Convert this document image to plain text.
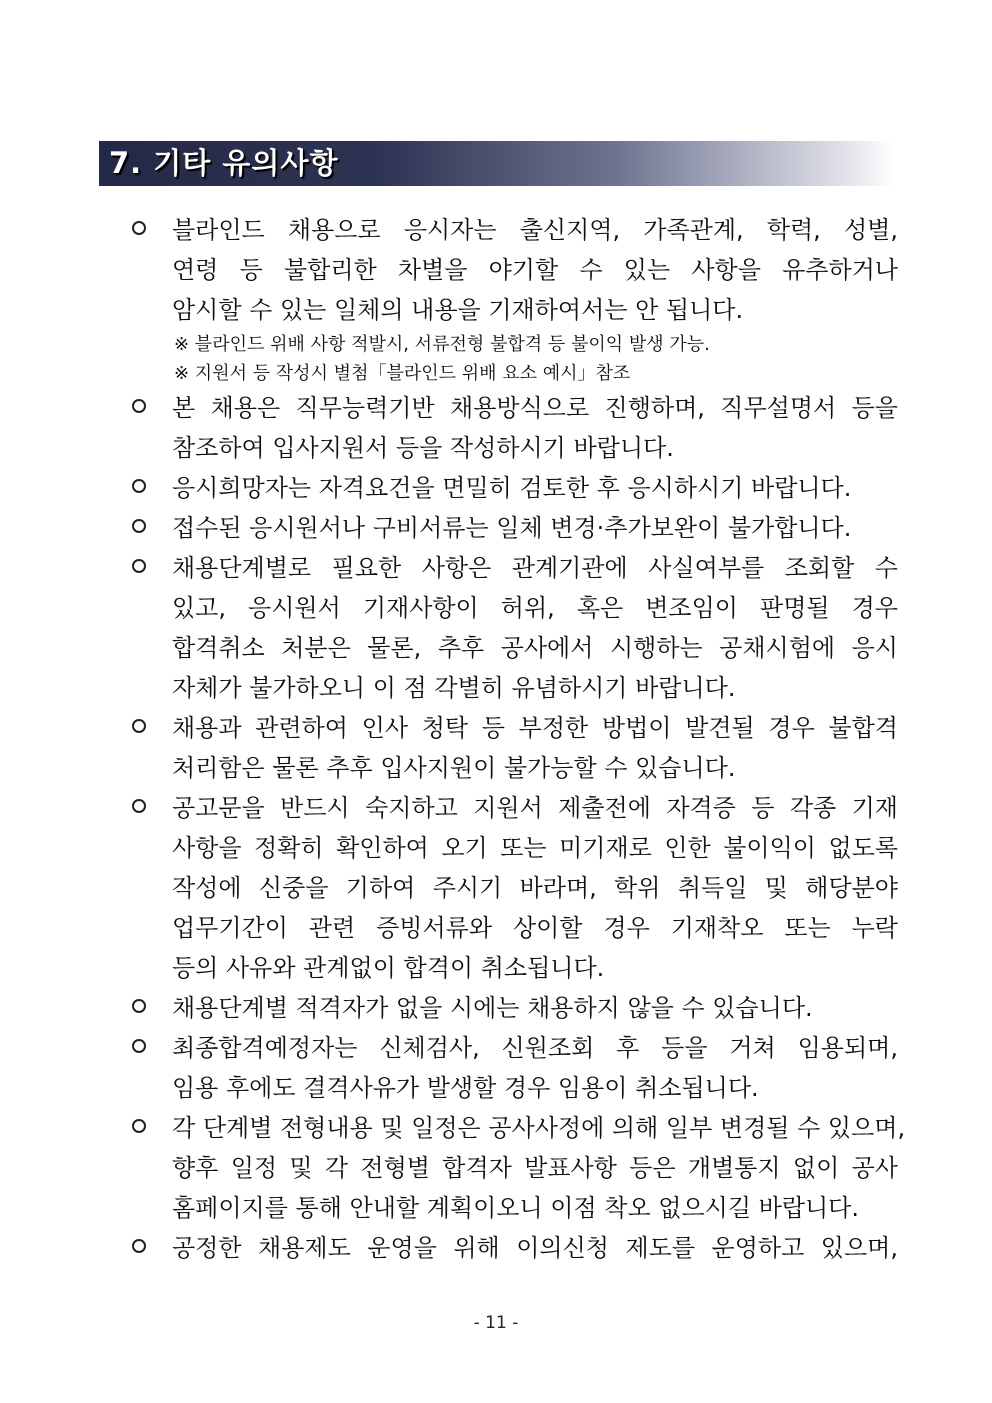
7. 기타 유의사항
블라인드 채용으로 응시자는 출신지역, 가족관계, 학력, 성별,
연령 등 불합리한 차별을 야기할 수 있는 사항을 유추하거나
암시할 수 있는 일체의 내용을 기재하여서는 안 됩니다.
※ 블라인드 위배 사항 적발시, 서류전형 불합격 등 불이익 발생 가능.
※ 지원서 등 작성시 별첨「블라인드 위배 요소 예시」참조
본 채용은 직무능력기반 채용방식으로 진행하며, 직무설명서 등을
참조하여 입사지원서 등을 작성하시기 바랍니다.
응시희망자는 자격요건을 면밀히 검토한 후 응시하시기 바랍니다.
접수된 응시원서나 구비서류는 일체 변경·추가보완이 불가합니다.
채용단계별로 필요한 사항은 관계기관에 사실여부를 조회할 수
있고, 응시원서 기재사항이 허위, 혹은 변조임이 판명될 경우
합격취소 처분은 물론, 추후 공사에서 시행하는 공채시험에 응시
자체가 불가하오니 이 점 각별히 유념하시기 바랍니다.
채용과 관련하여 인사 청탁 등 부정한 방법이 발견될 경우 불합격
처리함은 물론 추후 입사지원이 불가능할 수 있습니다.
공고문을 반드시 숙지하고 지원서 제출전에 자격증 등 각종 기재
사항을 정확히 확인하여 오기 또는 미기재로 인한 불이익이 없도록
작성에 신중을 기하여 주시기 바라며, 학위 취득일 및 해당분야
업무기간이 관련 증빙서류와 상이할 경우 기재착오 또는 누락
등의 사유와 관계없이 합격이 취소됩니다.
채용단계별 적격자가 없을 시에는 채용하지 않을 수 있습니다.
최종합격예정자는 신체검사, 신원조회 후 등을 거쳐 임용되며,
임용 후에도 결격사유가 발생할 경우 임용이 취소됩니다.
각 단계별 전형내용 및 일정은 공사사정에 의해 일부 변경될 수 있으며,
향후 일정 및 각 전형별 합격자 발표사항 등은 개별통지 없이 공사
홈페이지를 통해 안내할 계획이오니 이점 착오 없으시길 바랍니다.
공정한 채용제도 운영을 위해 이의신청 제도를 운영하고 있으며,
- 11 -
